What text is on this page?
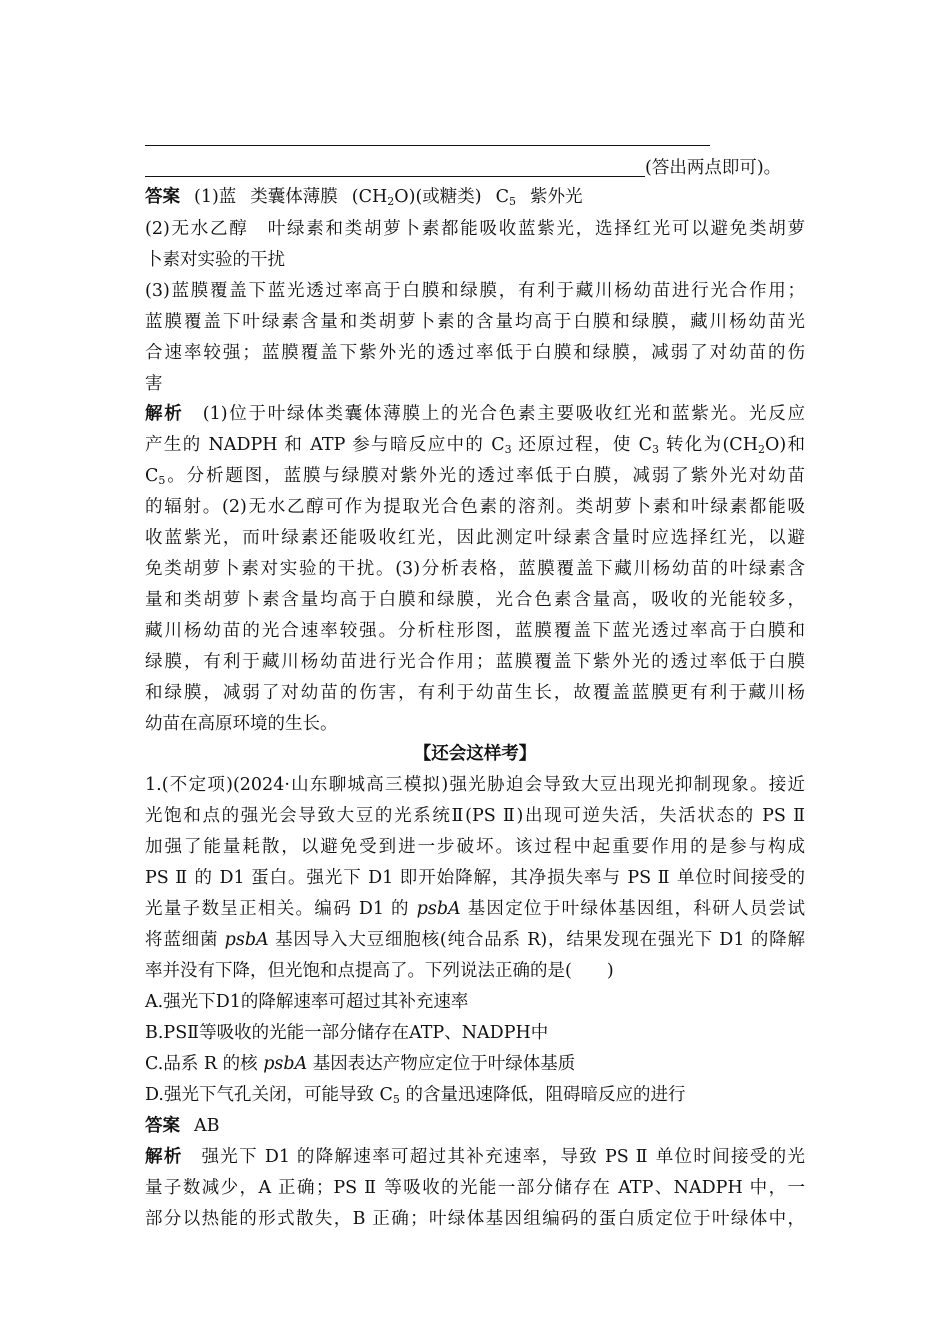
(答出两点即可)。
答案 (1)蓝 类囊体薄膜 $(CH_2O)$(或糖类) $C_5$ 紫外光
(2)无水乙醇　叶绿素和类胡萝卜素都能吸收蓝紫光，选择红光可以避免类胡萝
卜素对实验的干扰
(3)蓝膜覆盖下蓝光透过率高于白膜和绿膜，有利于藏川杨幼苗进行光合作用；
蓝膜覆盖下叶绿素含量和类胡萝卜素的含量均高于白膜和绿膜，藏川杨幼苗光
合速率较强；蓝膜覆盖下紫外光的透过率低于白膜和绿膜，减弱了对幼苗的伤
害
解析　(1)位于叶绿体类囊体薄膜上的光合色素主要吸收红光和蓝紫光。光反应
产生的 NADPH 和 ATP 参与暗反应中的 $C_3$ 还原过程，使 $C_3$ 转化为$(CH_2O)$和
$C_5$。分析题图，蓝膜与绿膜对紫外光的透过率低于白膜，减弱了紫外光对幼苗
的辐射。(2)无水乙醇可作为提取光合色素的溶剂。类胡萝卜素和叶绿素都能吸
收蓝紫光，而叶绿素还能吸收红光，因此测定叶绿素含量时应选择红光，以避
免类胡萝卜素对实验的干扰。(3)分析表格，蓝膜覆盖下藏川杨幼苗的叶绿素含
量和类胡萝卜素含量均高于白膜和绿膜，光合色素含量高，吸收的光能较多，
藏川杨幼苗的光合速率较强。分析柱形图，蓝膜覆盖下蓝光透过率高于白膜和
绿膜，有利于藏川杨幼苗进行光合作用；蓝膜覆盖下紫外光的透过率低于白膜
和绿膜，减弱了对幼苗的伤害，有利于幼苗生长，故覆盖蓝膜更有利于藏川杨
幼苗在高原环境的生长。
【还会这样考】
1.(不定项)(2024·山东聊城高三模拟)强光胁迫会导致大豆出现光抑制现象。接近
光饱和点的强光会导致大豆的光系统Ⅱ(PS Ⅱ)出现可逆失活，失活状态的 PS Ⅱ
加强了能量耗散，以避免受到进一步破坏。该过程中起重要作用的是参与构成
PS Ⅱ 的 D1 蛋白。强光下 D1 即开始降解，其净损失率与 PS Ⅱ 单位时间接受的
光量子数呈正相关。编码 D1 的 psbA 基因定位于叶绿体基因组，科研人员尝试
将蓝细菌 psbA 基因导入大豆细胞核(纯合品系 R)，结果发现在强光下 D1 的降解
率并没有下降，但光饱和点提高了。下列说法正确的是(　　)
A.强光下D1的降解速率可超过其补充速率
B.PSⅡ等吸收的光能一部分储存在ATP、NADPH中
C.品系 R 的核 psbA 基因表达产物应定位于叶绿体基质
D.强光下气孔关闭，可能导致 $C_5$ 的含量迅速降低，阻碍暗反应的进行
答案 AB
解析　强光下 D1 的降解速率可超过其补充速率，导致 PS Ⅱ 单位时间接受的光
量子数减少，A 正确；PS Ⅱ 等吸收的光能一部分储存在 ATP、NADPH 中，一
部分以热能的形式散失，B 正确；叶绿体基因组编码的蛋白质定位于叶绿体中，
